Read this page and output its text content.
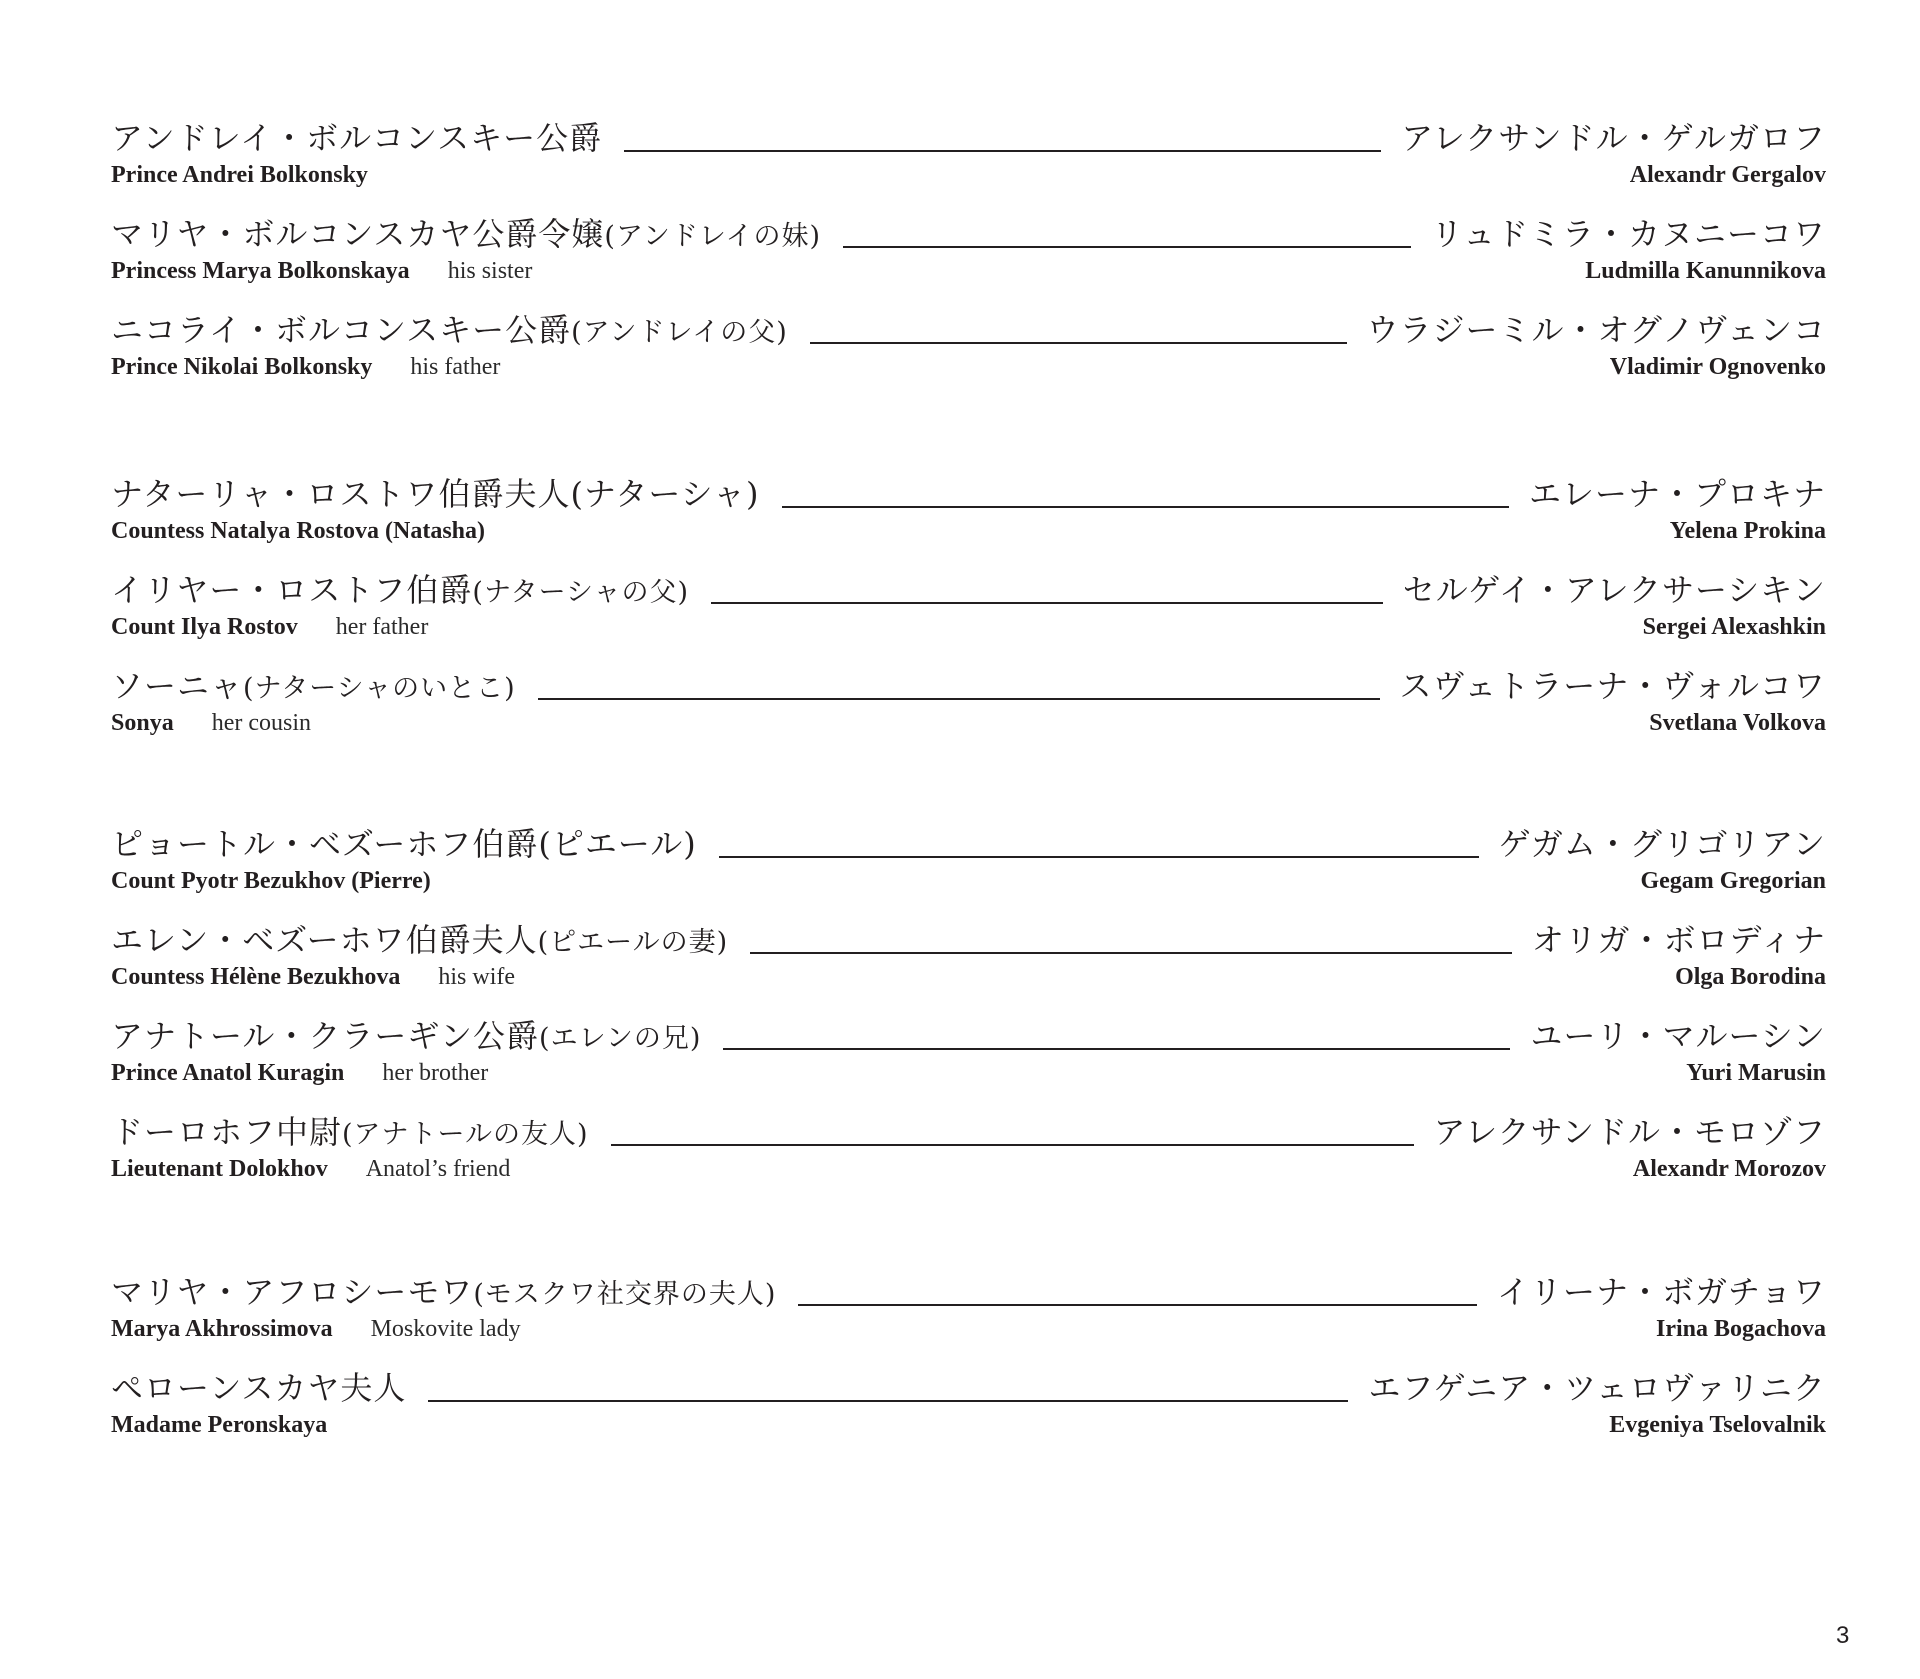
アンドレイ・ボルコンスキー公爵	アレクサンドル・ゲルガロフ
Prince Andrei Bolkonsky	Alexandr Gergalov
マリヤ・ボルコンスカヤ公爵令嬢(アンドレイの妹)	リュドミラ・カヌニーコワ
Princess Marya Bolkonskaya his sister	Ludmilla Kanunnikova
ニコライ・ボルコンスキー公爵(アンドレイの父)	ウラジーミル・オグノヴェンコ
Prince Nikolai Bolkonsky his father	Vladimir Ognovenko
ナターリャ・ロストワ伯爵夫人(ナターシャ)	エレーナ・プロキナ
Countess Natalya Rostova (Natasha)	Yelena Prokina
イリヤー・ロストフ伯爵(ナターシャの父)	セルゲイ・アレクサーシキン
Count Ilya Rostov her father	Sergei Alexashkin
ソーニャ(ナターシャのいとこ)	スヴェトラーナ・ヴォルコワ
Sonya her cousin	Svetlana Volkova
ピョートル・ベズーホフ伯爵(ピエール)	ゲガム・グリゴリアン
Count Pyotr Bezukhov (Pierre)	Gegam Gregorian
エレン・ベズーホワ伯爵夫人(ピエールの妻)	オリガ・ボロディナ
Countess Hélène Bezukhova his wife	Olga Borodina
アナトール・クラーギン公爵(エレンの兄)	ユーリ・マルーシン
Prince Anatol Kuragin her brother	Yuri Marusin
ドーロホフ中尉(アナトールの友人)	アレクサンドル・モロゾフ
Lieutenant Dolokhov Anatol’s friend	Alexandr Morozov
マリヤ・アフロシーモワ(モスクワ社交界の夫人)	イリーナ・ボガチョワ
Marya Akhrossimova Moskovite lady	Irina Bogachova
ペローンスカヤ夫人	エフゲニア・ツェロヴァリニク
Madame Peronskaya	Evgeniya Tselovalnik
3
